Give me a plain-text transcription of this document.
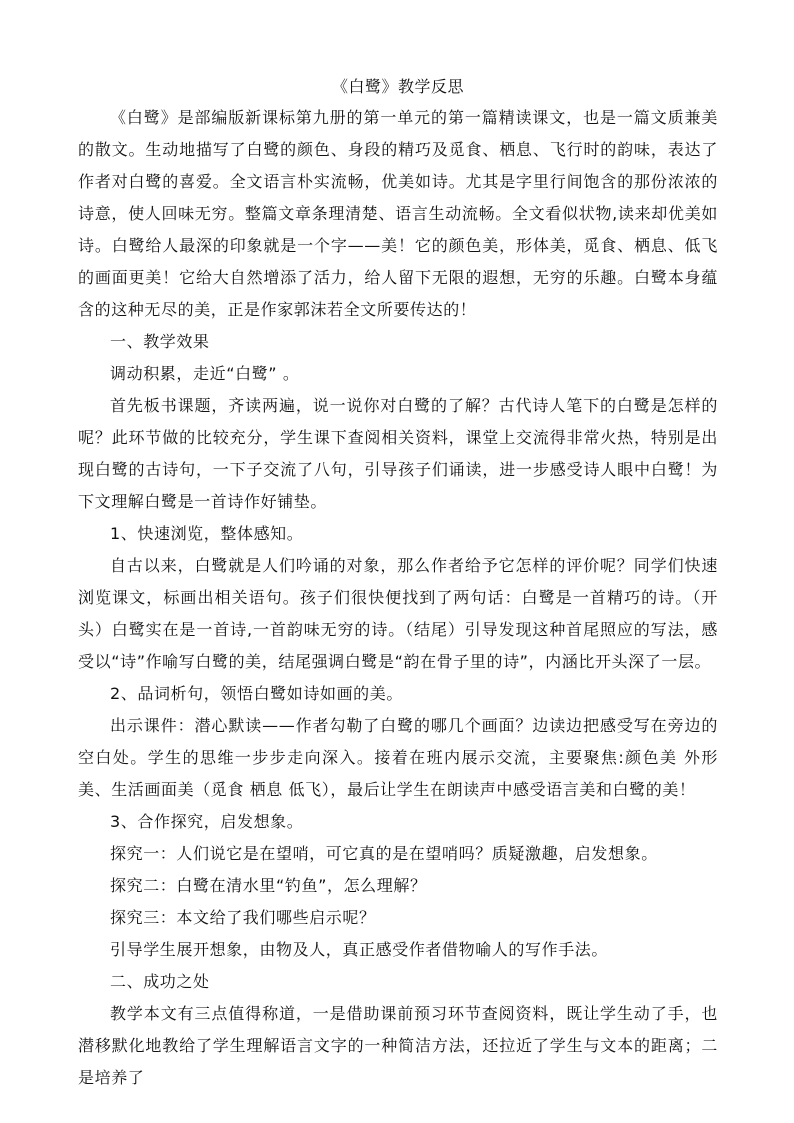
《白鹭》教学反思

《白鹭》是部编版新课标第九册的第一单元的第一篇精读课文，也是一篇文质兼美的散文。生动地描写了白鹭的颜色、身段的精巧及觅食、栖息、飞行时的韵味，表达了作者对白鹭的喜爱。全文语言朴实流畅，优美如诗。尤其是字里行间饱含的那份浓浓的诗意，使人回味无穷。整篇文章条理清楚、语言生动流畅。全文看似状物,读来却优美如诗。白鹭给人最深的印象就是一个字——美！它的颜色美，形体美，觅食、栖息、低飞的画面更美！它给大自然增添了活力，给人留下无限的遐想，无穷的乐趣。白鹭本身蕴含的这种无尽的美，正是作家郭沫若全文所要传达的！

一、教学效果

调动积累，走近“白鹭” 。

首先板书课题，齐读两遍，说一说你对白鹭的了解？古代诗人笔下的白鹭是怎样的呢？此环节做的比较充分，学生课下查阅相关资料，课堂上交流得非常火热，特别是出现白鹭的古诗句，一下子交流了八句，引导孩子们诵读，进一步感受诗人眼中白鹭！为下文理解白鹭是一首诗作好铺垫。

1、快速浏览，整体感知。

自古以来，白鹭就是人们吟诵的对象，那么作者给予它怎样的评价呢？同学们快速浏览课文，标画出相关语句。孩子们很快便找到了两句话：白鹭是一首精巧的诗。（开头）白鹭实在是一首诗,一首韵味无穷的诗。（结尾）引导发现这种首尾照应的写法，感受以“诗”作喻写白鹭的美，结尾强调白鹭是“韵在骨子里的诗”，内涵比开头深了一层。

2、品词析句，领悟白鹭如诗如画的美。

出示课件：潜心默读——作者勾勒了白鹭的哪几个画面？边读边把感受写在旁边的空白处。学生的思维一步步走向深入。接着在班内展示交流，主要聚焦:颜色美 外形美、生活画面美（觅食 栖息 低飞），最后让学生在朗读声中感受语言美和白鹭的美！

3、合作探究，启发想象。

探究一：人们说它是在望哨，可它真的是在望哨吗？质疑激趣，启发想象。

探究二：白鹭在清水里“钓鱼”，怎么理解？

探究三：本文给了我们哪些启示呢？

引导学生展开想象，由物及人，真正感受作者借物喻人的写作手法。

二、成功之处

教学本文有三点值得称道，一是借助课前预习环节查阅资料，既让学生动了手，也潜移默化地教给了学生理解语言文字的一种简洁方法，还拉近了学生与文本的距离；二是培养了
